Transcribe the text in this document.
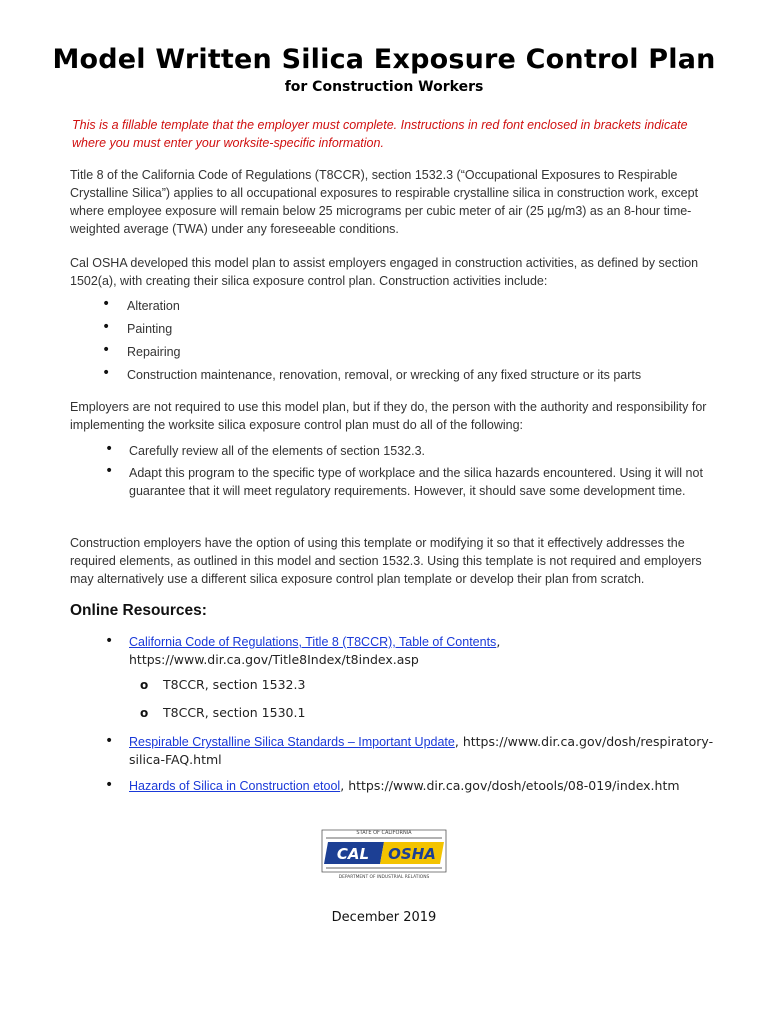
Model Written Silica Exposure Control Plan
for Construction Workers
This is a fillable template that the employer must complete. Instructions in red font enclosed in brackets indicate where you must enter your worksite-specific information.
Title 8 of the California Code of Regulations (T8CCR), section 1532.3 (“Occupational Exposures to Respirable Crystalline Silica”) applies to all occupational exposures to respirable crystalline silica in construction work, except where employee exposure will remain below 25 micrograms per cubic meter of air (25 µg/m3) as an 8-hour time-weighted average (TWA) under any foreseeable conditions.
Cal OSHA developed this model plan to assist employers engaged in construction activities, as defined by section 1502(a), with creating their silica exposure control plan. Construction activities include:
• Alteration
• Painting
• Repairing
• Construction maintenance, renovation, removal, or wrecking of any fixed structure or its parts
Employers are not required to use this model plan, but if they do, the person with the authority and responsibility for implementing the worksite silica exposure control plan must do all of the following:
• Carefully review all of the elements of section 1532.3.
• Adapt this program to the specific type of workplace and the silica hazards encountered. Using it will not guarantee that it will meet regulatory requirements. However, it should save some development time.
Construction employers have the option of using this template or modifying it so that it effectively addresses the required elements, as outlined in this model and section 1532.3. Using this template is not required and employers may alternatively use a different silica exposure control plan template or develop their plan from scratch.
Online Resources:
• California Code of Regulations, Title 8 (T8CCR), Table of Contents,
https://www.dir.ca.gov/Title8Index/t8index.asp
o T8CCR, section 1532.3
o T8CCR, section 1530.1
• Respirable Crystalline Silica Standards – Important Update, https://www.dir.ca.gov/dosh/respiratory-silica-FAQ.html
• Hazards of Silica in Construction etool, https://www.dir.ca.gov/dosh/etools/08-019/index.htm
STATE OF CALIFORNIA
CAL OSHA
DEPARTMENT OF INDUSTRIAL RELATIONS
December 2019
